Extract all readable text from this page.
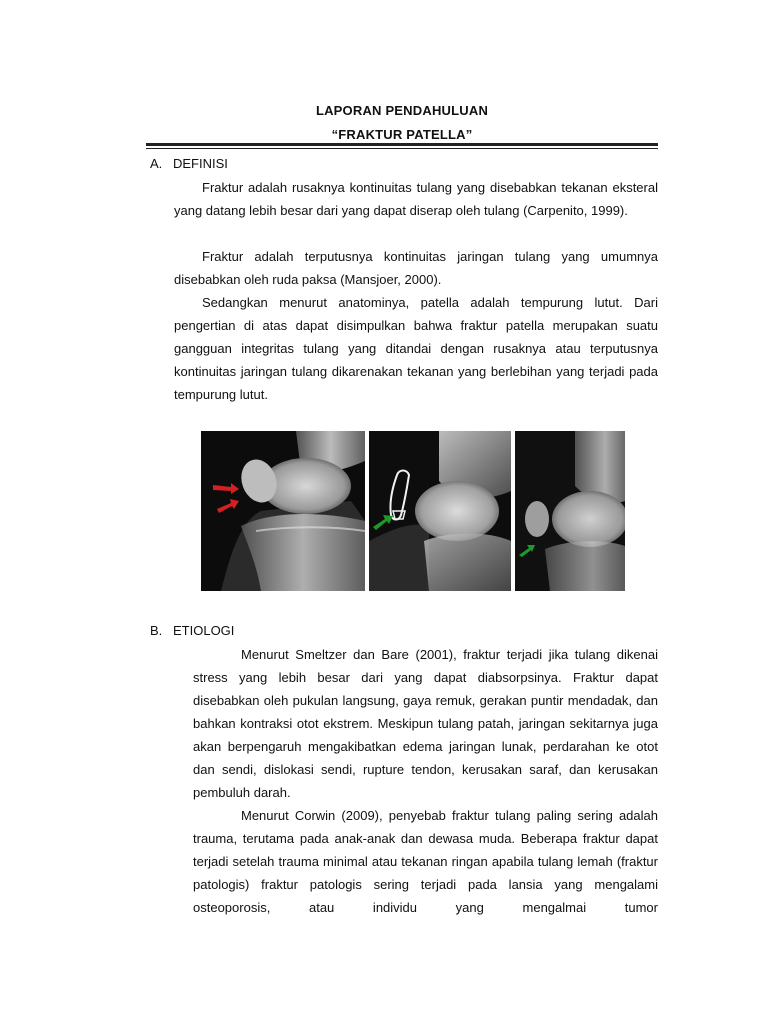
LAPORAN PENDAHULUAN
“FRAKTUR PATELLA”
A. DEFINISI

Fraktur adalah rusaknya kontinuitas tulang yang disebabkan tekanan eksteral yang datang lebih besar dari yang dapat diserap oleh tulang (Carpenito, 1999).

Fraktur adalah terputusnya kontinuitas jaringan tulang yang umumnya disebabkan oleh ruda paksa (Mansjoer, 2000).

Sedangkan menurut anatominya, patella adalah tempurung lutut. Dari pengertian di atas dapat disimpulkan bahwa fraktur patella merupakan suatu gangguan integritas tulang yang ditandai dengan rusaknya atau terputusnya kontinuitas jaringan tulang dikarenakan tekanan yang berlebihan yang terjadi pada tempurung lutut.

B. ETIOLOGI

Menurut Smeltzer dan Bare (2001), fraktur terjadi jika tulang dikenai stress yang lebih besar dari yang dapat diabsorpsinya. Fraktur dapat disebabkan oleh pukulan langsung, gaya remuk, gerakan puntir mendadak, dan bahkan kontraksi otot ekstrem. Meskipun tulang patah, jaringan sekitarnya juga akan berpengaruh mengakibatkan edema jaringan lunak, perdarahan ke otot dan sendi, dislokasi sendi, rupture tendon, kerusakan saraf, dan kerusakan pembuluh darah.

Menurut Corwin (2009), penyebab fraktur tulang paling sering adalah trauma, terutama pada anak-anak dan dewasa muda. Beberapa fraktur dapat terjadi setelah trauma minimal atau tekanan ringan apabila tulang lemah (fraktur patologis) fraktur patologis sering terjadi pada lansia yang mengalami osteoporosis, atau individu yang mengalmai tumor
